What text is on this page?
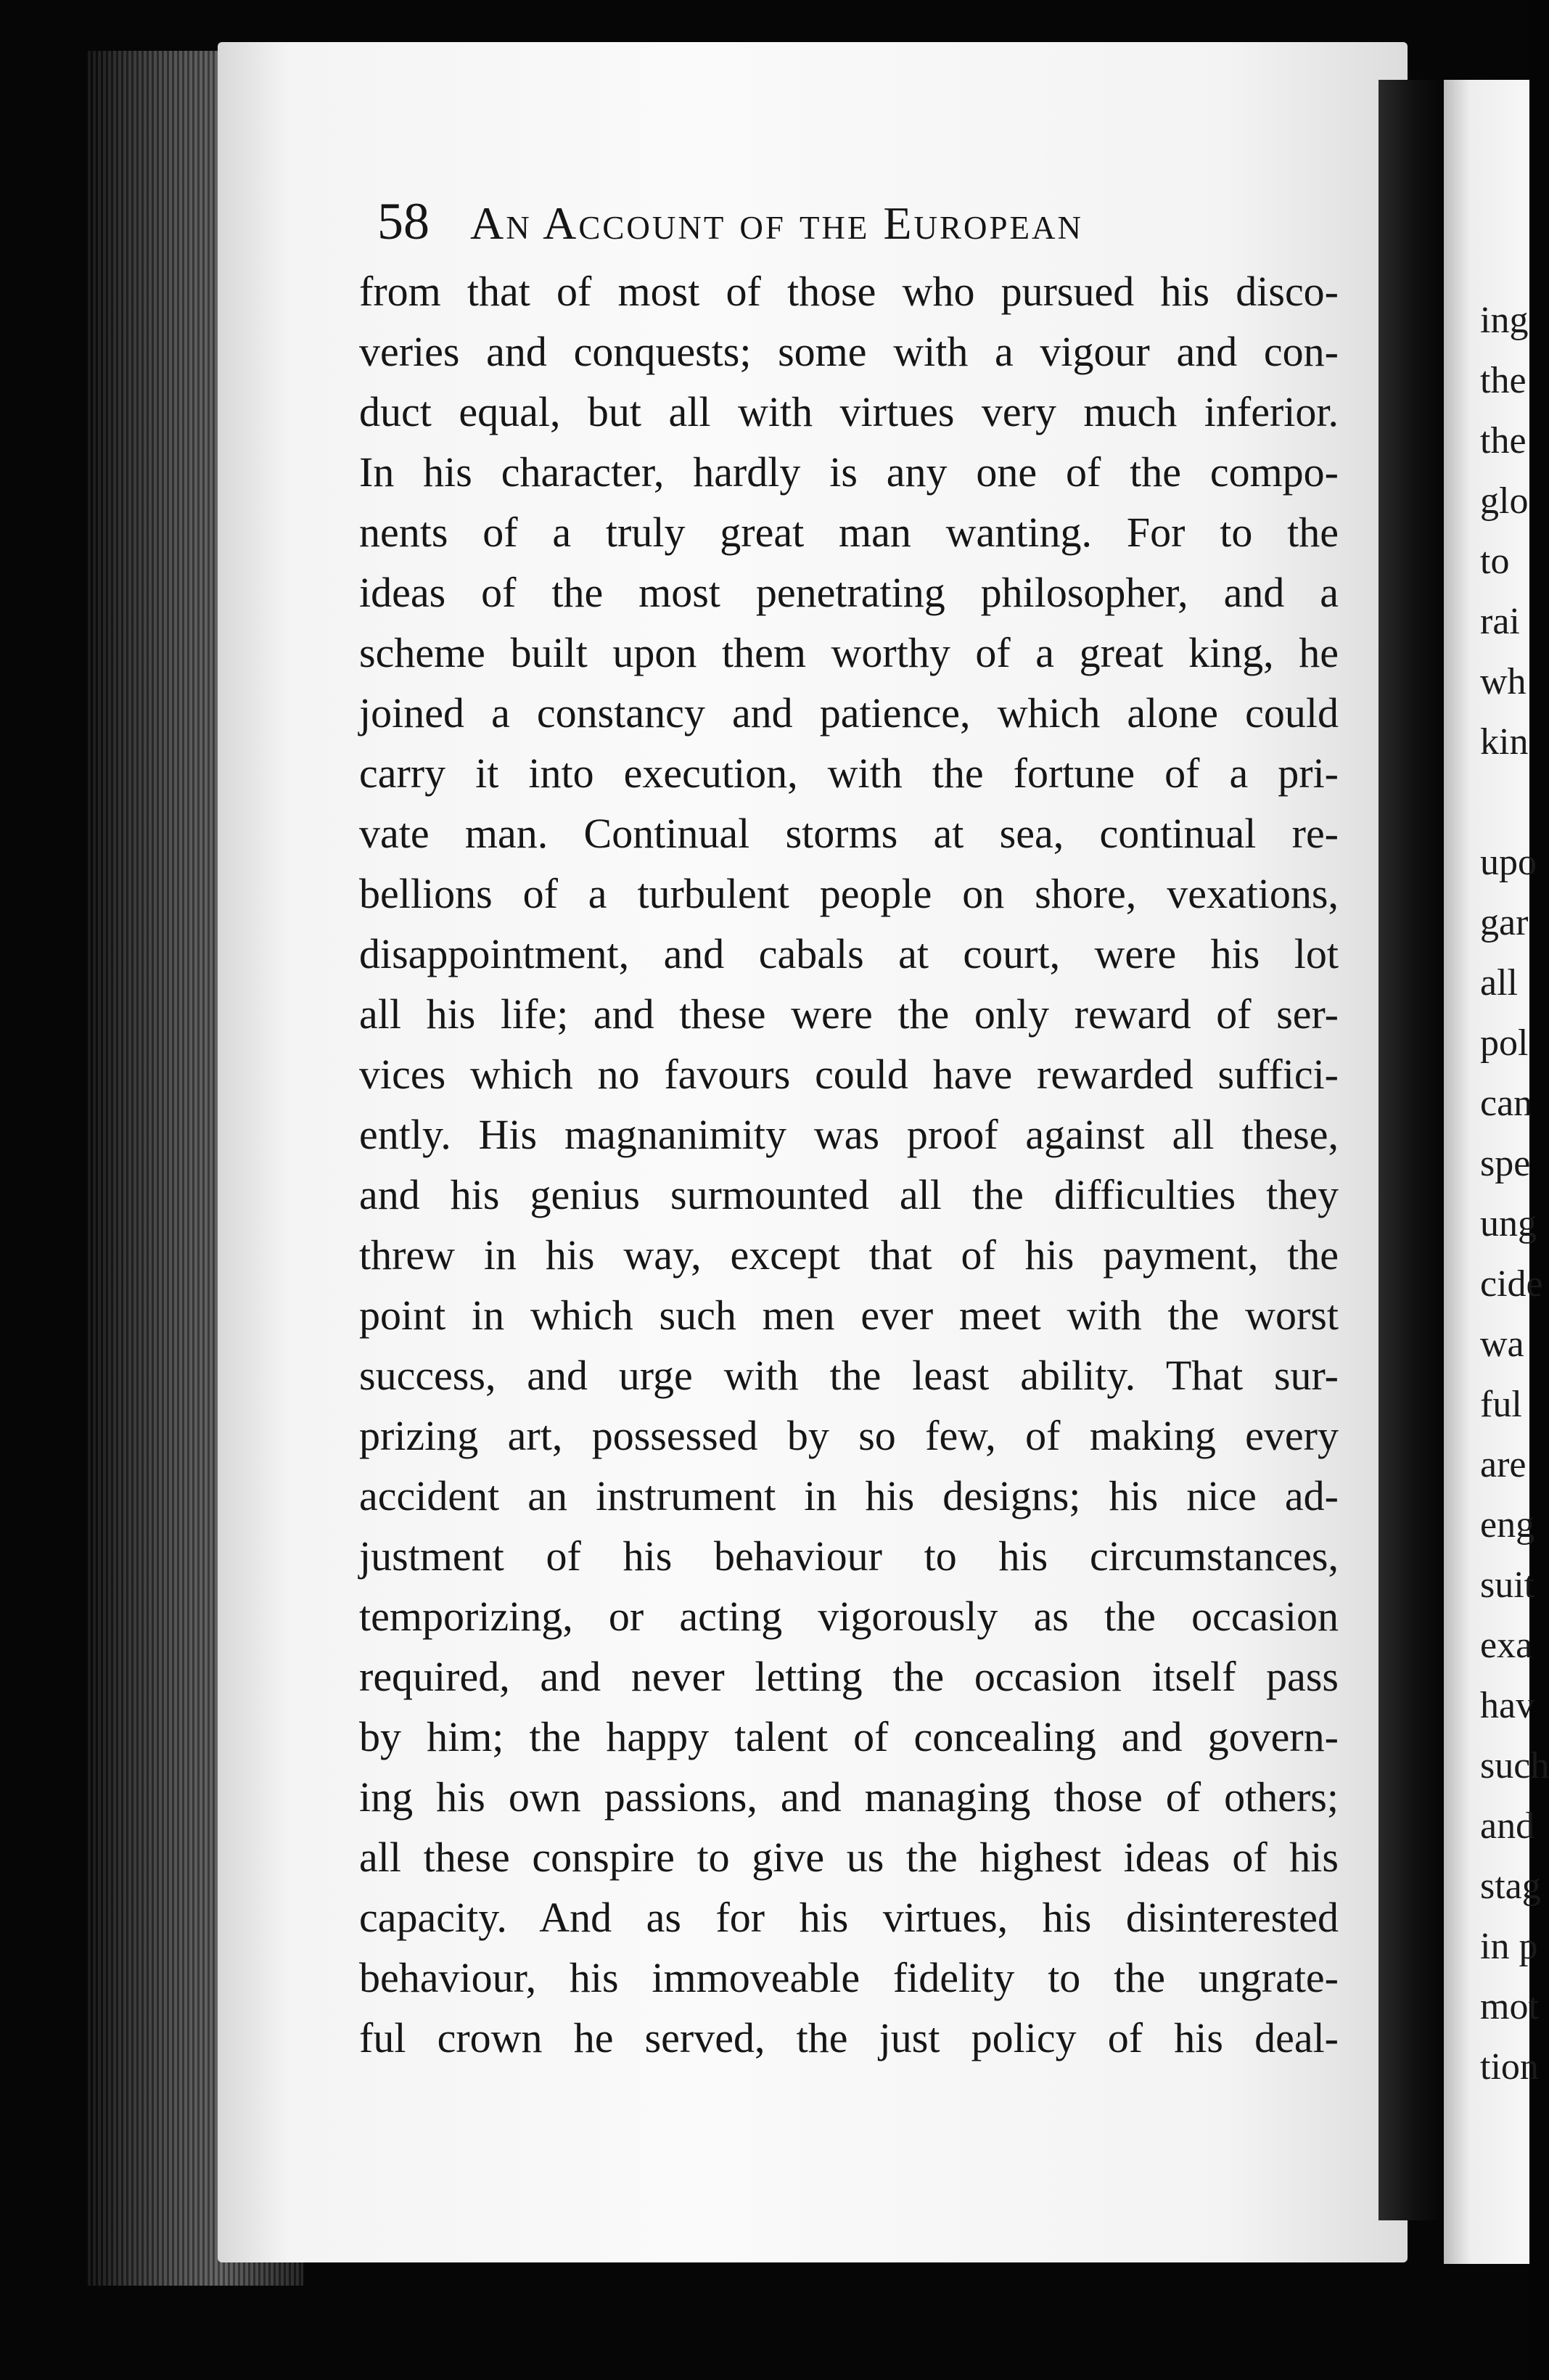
58 An Account of the European
from that of most of those who pursued his disco-
veries and conquests; some with a vigour and con-
duct equal, but all with virtues very much inferior.
In his character, hardly is any one of the compo-
nents of a truly great man wanting. For to the
ideas of the most penetrating philosopher, and a
scheme built upon them worthy of a great king, he
joined a constancy and patience, which alone could
carry it into execution, with the fortune of a pri-
vate man. Continual storms at sea, continual re-
bellions of a turbulent people on shore, vexations,
disappointment, and cabals at court, were his lot
all his life; and these were the only reward of ser-
vices which no favours could have rewarded suffici-
ently. His magnanimity was proof against all these,
and his genius surmounted all the difficulties they
threw in his way, except that of his payment, the
point in which such men ever meet with the worst
success, and urge with the least ability. That sur-
prizing art, possessed by so few, of making every
accident an instrument in his designs; his nice ad-
justment of his behaviour to his circumstances,
temporizing, or acting vigorously as the occasion
required, and never letting the occasion itself pass
by him; the happy talent of concealing and govern-
ing his own passions, and managing those of others;
all these conspire to give us the highest ideas of his
capacity. And as for his virtues, his disinterested
behaviour, his immoveable fidelity to the ungrate-
ful crown he served, the just policy of his deal-
ing
the
the
glo
to
rai
wh
kin
upo
gar
all
pol
can
spe
ung
cide
wa
ful
are
eng
suit
exa
hav
such
and
stag
in p
mot
tion
